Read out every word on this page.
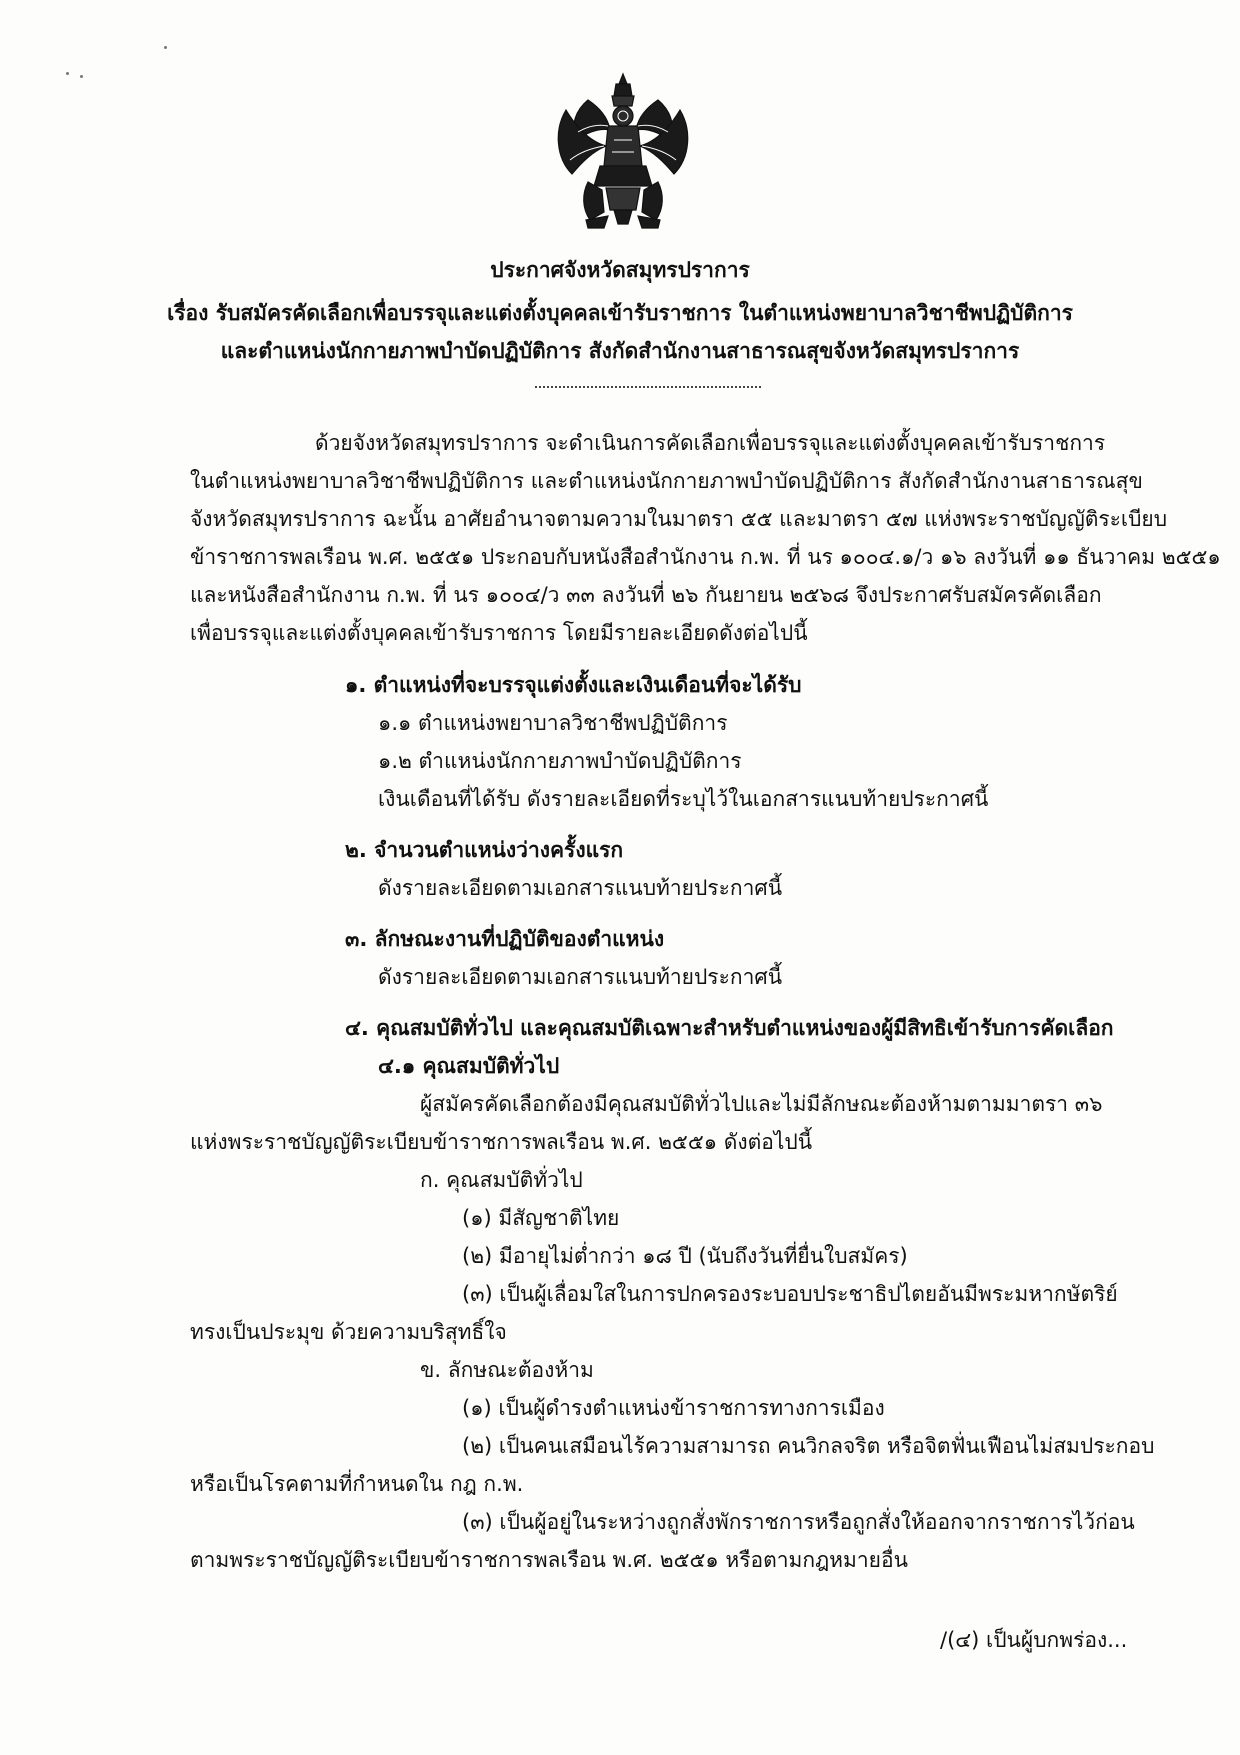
ประกาศจังหวัดสมุทรปราการ
เรื่อง รับสมัครคัดเลือกเพื่อบรรจุและแต่งตั้งบุคคลเข้ารับราชการ ในตำแหน่งพยาบาลวิชาชีพปฏิบัติการ
และตำแหน่งนักกายภาพบำบัดปฏิบัติการ สังกัดสำนักงานสาธารณสุขจังหวัดสมุทรปราการ
ด้วยจังหวัดสมุทรปราการ จะดำเนินการคัดเลือกเพื่อบรรจุและแต่งตั้งบุคคลเข้ารับราชการ
ในตำแหน่งพยาบาลวิชาชีพปฏิบัติการ และตำแหน่งนักกายภาพบำบัดปฏิบัติการ สังกัดสำนักงานสาธารณสุข
จังหวัดสมุทรปราการ ฉะนั้น อาศัยอำนาจตามความในมาตรา ๕๕ และมาตรา ๕๗ แห่งพระราชบัญญัติระเบียบ
ข้าราชการพลเรือน พ.ศ. ๒๕๕๑ ประกอบกับหนังสือสำนักงาน ก.พ. ที่ นร ๑๐๐๔.๑/ว ๑๖ ลงวันที่ ๑๑ ธันวาคม ๒๕๕๑
และหนังสือสำนักงาน ก.พ. ที่ นร ๑๐๐๔/ว ๓๓ ลงวันที่ ๒๖ กันยายน ๒๕๖๘ จึงประกาศรับสมัครคัดเลือก
เพื่อบรรจุและแต่งตั้งบุคคลเข้ารับราชการ โดยมีรายละเอียดดังต่อไปนี้
๑. ตำแหน่งที่จะบรรจุแต่งตั้งและเงินเดือนที่จะได้รับ
๑.๑ ตำแหน่งพยาบาลวิชาชีพปฏิบัติการ
๑.๒ ตำแหน่งนักกายภาพบำบัดปฏิบัติการ
เงินเดือนที่ได้รับ ดังรายละเอียดที่ระบุไว้ในเอกสารแนบท้ายประกาศนี้
๒. จำนวนตำแหน่งว่างครั้งแรก
ดังรายละเอียดตามเอกสารแนบท้ายประกาศนี้
๓. ลักษณะงานที่ปฏิบัติของตำแหน่ง
ดังรายละเอียดตามเอกสารแนบท้ายประกาศนี้
๔. คุณสมบัติทั่วไป และคุณสมบัติเฉพาะสำหรับตำแหน่งของผู้มีสิทธิเข้ารับการคัดเลือก
๔.๑ คุณสมบัติทั่วไป
ผู้สมัครคัดเลือกต้องมีคุณสมบัติทั่วไปและไม่มีลักษณะต้องห้ามตามมาตรา ๓๖
แห่งพระราชบัญญัติระเบียบข้าราชการพลเรือน พ.ศ. ๒๕๕๑ ดังต่อไปนี้
ก. คุณสมบัติทั่วไป
(๑) มีสัญชาติไทย
(๒) มีอายุไม่ต่ำกว่า ๑๘ ปี (นับถึงวันที่ยื่นใบสมัคร)
(๓) เป็นผู้เลื่อมใสในการปกครองระบอบประชาธิปไตยอันมีพระมหากษัตริย์
ทรงเป็นประมุข ด้วยความบริสุทธิ์ใจ
ข. ลักษณะต้องห้าม
(๑) เป็นผู้ดำรงตำแหน่งข้าราชการทางการเมือง
(๒) เป็นคนเสมือนไร้ความสามารถ คนวิกลจริต หรือจิตฟั่นเฟือนไม่สมประกอบ
หรือเป็นโรคตามที่กำหนดใน กฎ ก.พ.
(๓) เป็นผู้อยู่ในระหว่างถูกสั่งพักราชการหรือถูกสั่งให้ออกจากราชการไว้ก่อน
ตามพระราชบัญญัติระเบียบข้าราชการพลเรือน พ.ศ. ๒๕๕๑ หรือตามกฎหมายอื่น
/(๔) เป็นผู้บกพร่อง...
